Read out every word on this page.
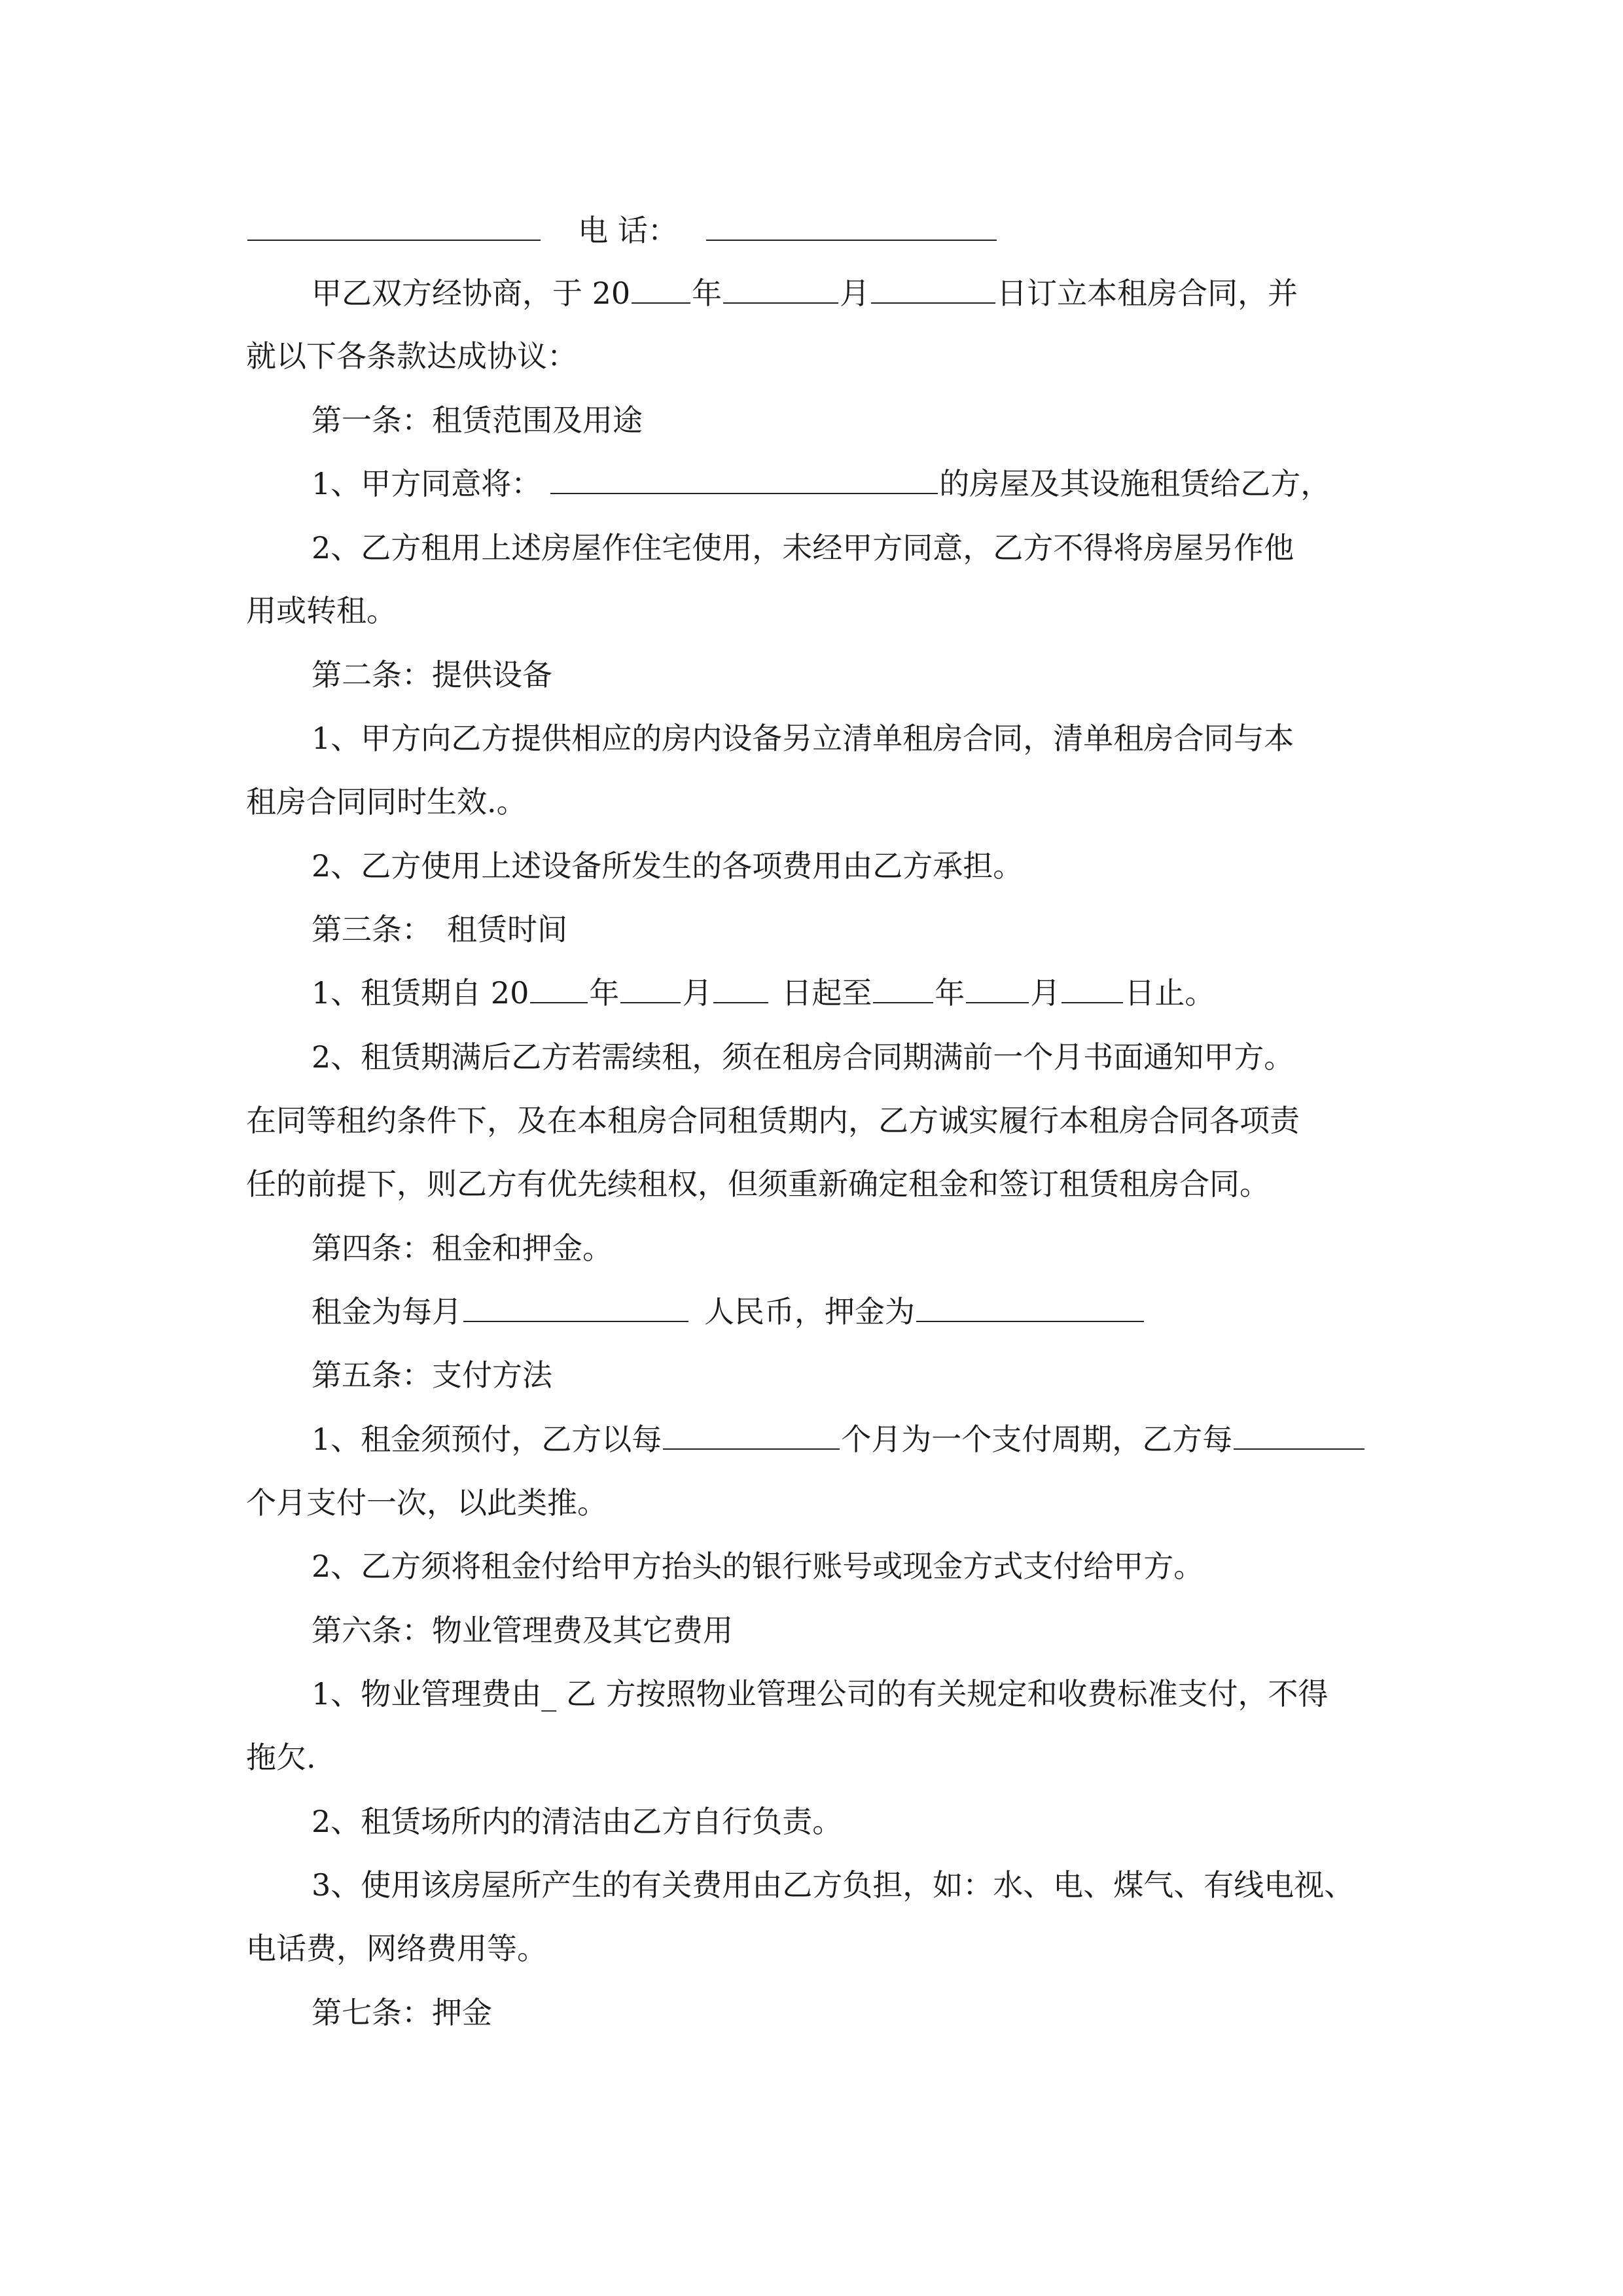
电 话：
甲乙双方经协商，于 20 年	月	日订立本租房合同，并
就以下各条款达成协议：
第一条：租赁范围及用途
1、甲方同意将：	的房屋及其设施租赁给乙方，
2、乙方租用上述房屋作住宅使用，未经甲方同意，乙方不得将房屋另作他
用或转租。
第二条：提供设备
1、甲方向乙方提供相应的房内设备另立清单租房合同，清单租房合同与本
租房合同同时生效.。
2、乙方使用上述设备所发生的各项费用由乙方承担。
第三条：　租赁时间
1、租赁期自 20 年 月 日起至 年 月 日止。
2、租赁期满后乙方若需续租，须在租房合同期满前一个月书面通知甲方。
在同等租约条件下，及在本租房合同租赁期内，乙方诚实履行本租房合同各项责
任的前提下，则乙方有优先续租权，但须重新确定租金和签订租赁租房合同。
第四条：租金和押金。
租金为每月	人民币，押金为
第五条：支付方法
1、租金须预付，乙方以每	个月为一个支付周期，乙方每
个月支付一次，以此类推。
2、乙方须将租金付给甲方抬头的银行账号或现金方式支付给甲方。
第六条：物业管理费及其它费用
1、物业管理费由_ 乙 方按照物业管理公司的有关规定和收费标准支付，不得
拖欠.
2、租赁场所内的清洁由乙方自行负责。
3、使用该房屋所产生的有关费用由乙方负担，如：水、电、煤气、有线电视、
电话费，网络费用等。
第七条：押金
